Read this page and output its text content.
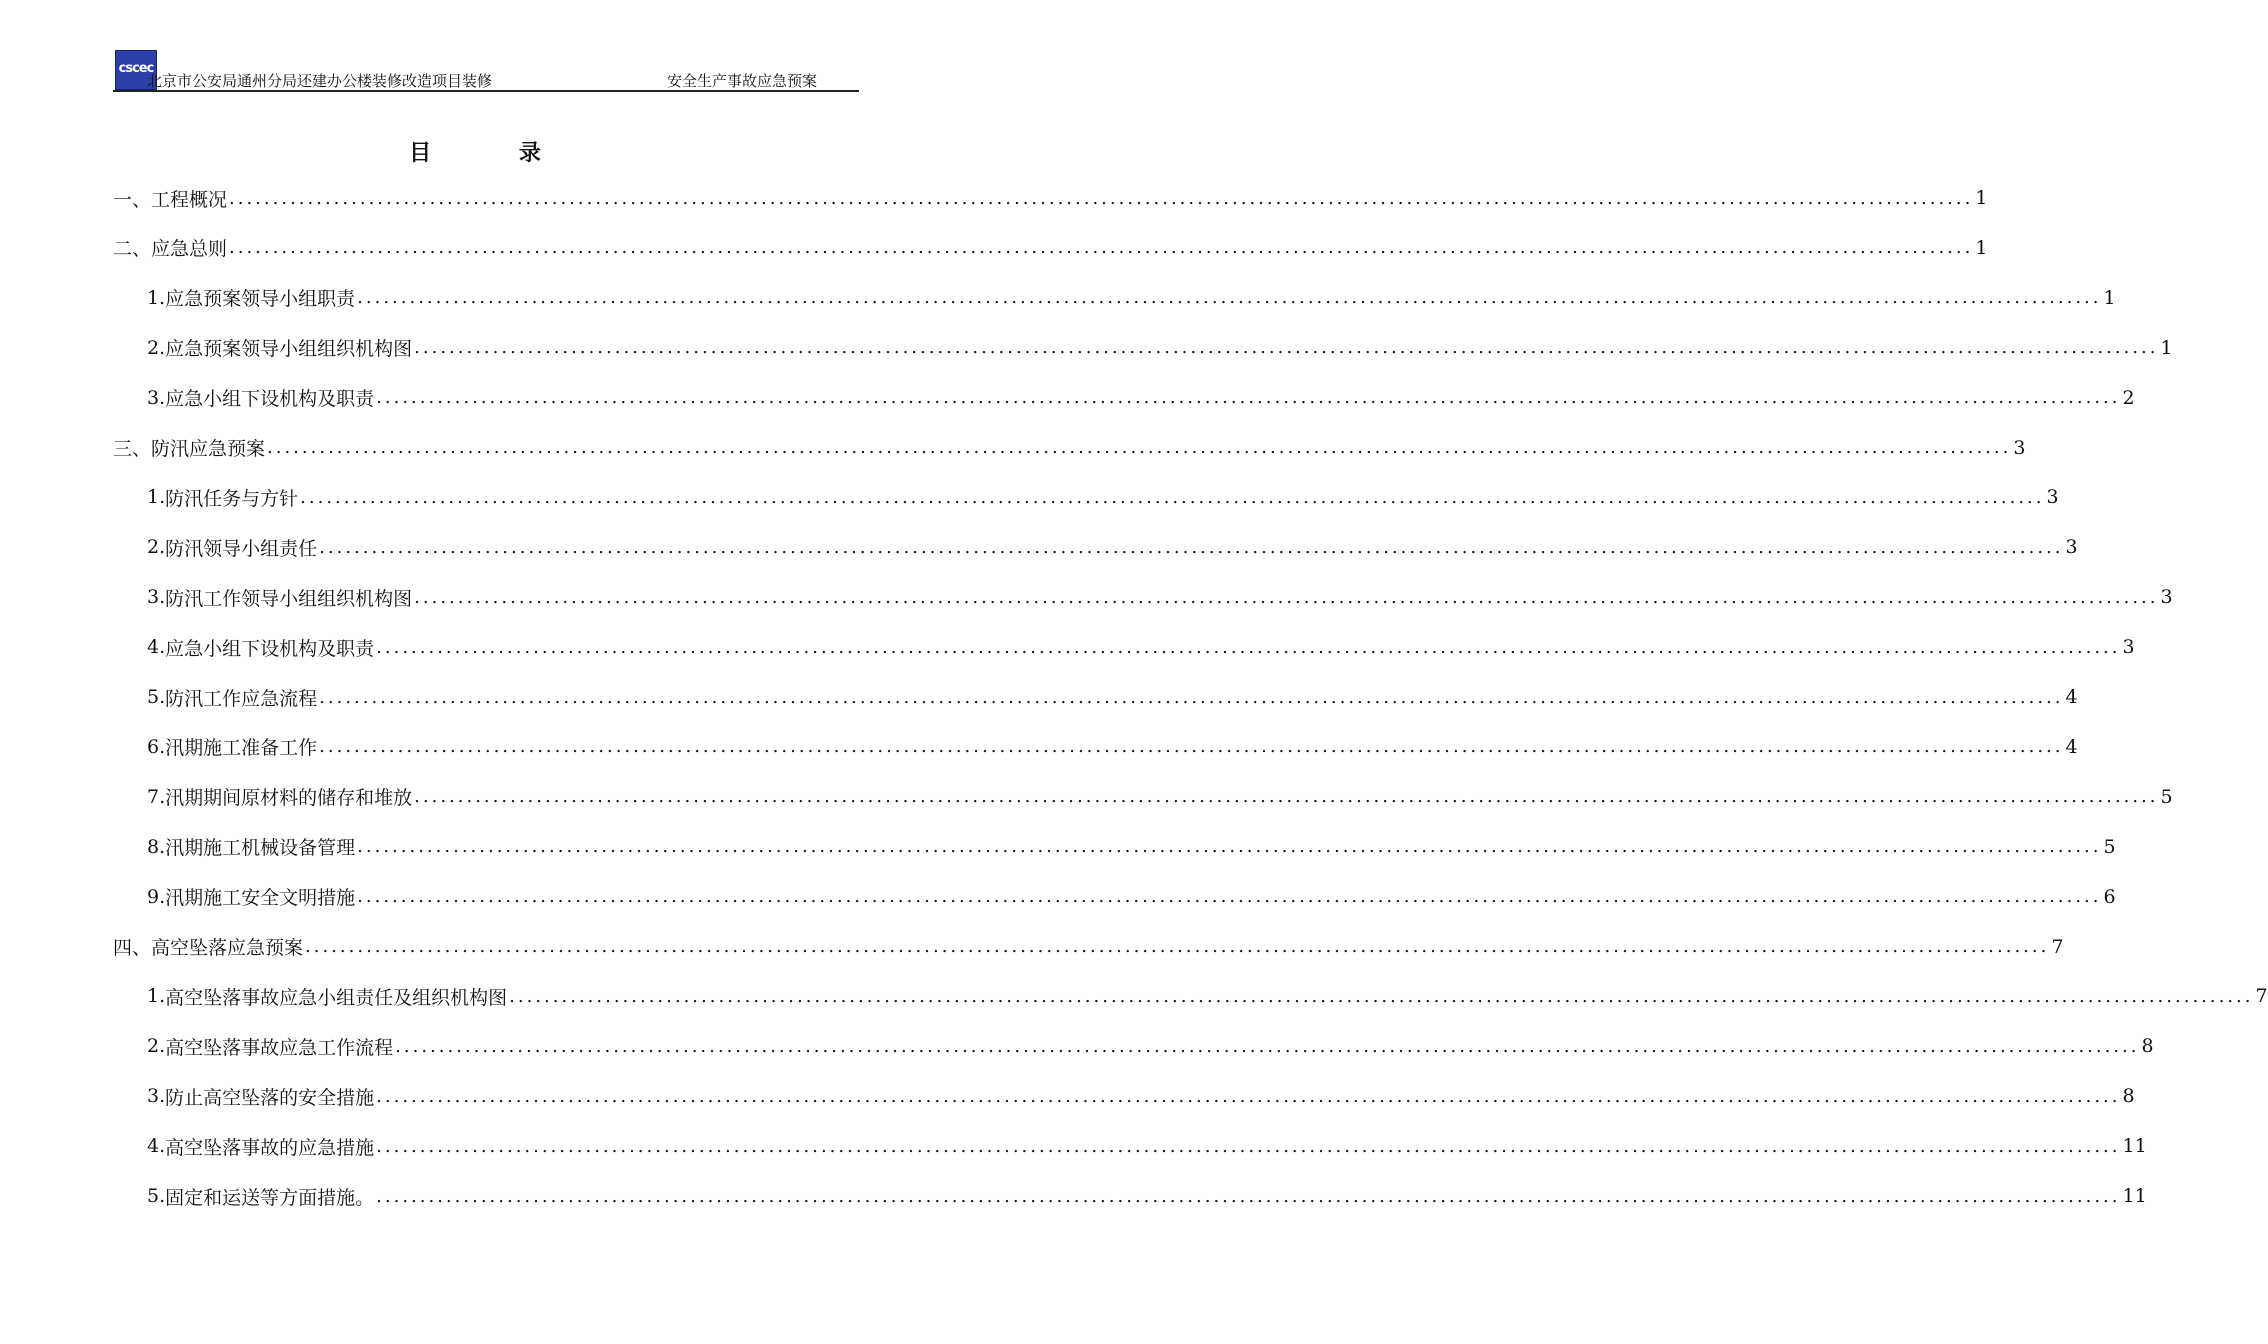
cscec
北京市公安局通州分局还建办公楼装修改造项目装修	安全生产事故应急预案
目 录
一、工程概况 ........................................................................................................................................................................................................ 1
二、应急总则 ........................................................................................................................................................................................................ 1
1. 应急预案领导小组职责 ........................................................................................................................................................................................................ 1
2. 应急预案领导小组组织机构图 ........................................................................................................................................................................................................ 1
3. 应急小组下设机构及职责 ........................................................................................................................................................................................................ 2
三、防汛应急预案 ........................................................................................................................................................................................................ 3
1. 防汛任务与方针 ........................................................................................................................................................................................................ 3
2. 防汛领导小组责任 ........................................................................................................................................................................................................ 3
3. 防汛工作领导小组组织机构图 ........................................................................................................................................................................................................ 3
4. 应急小组下设机构及职责 ........................................................................................................................................................................................................ 3
5. 防汛工作应急流程 ........................................................................................................................................................................................................ 4
6. 汛期施工准备工作 ........................................................................................................................................................................................................ 4
7. 汛期期间原材料的储存和堆放 ........................................................................................................................................................................................................ 5
8. 汛期施工机械设备管理 ........................................................................................................................................................................................................ 5
9. 汛期施工安全文明措施 ........................................................................................................................................................................................................ 6
四、高空坠落应急预案 ........................................................................................................................................................................................................ 7
1. 高空坠落事故应急小组责任及组织机构图 ........................................................................................................................................................................................................ 7
2. 高空坠落事故应急工作流程 ........................................................................................................................................................................................................ 8
3. 防止高空坠落的安全措施 ........................................................................................................................................................................................................ 8
4. 高空坠落事故的应急措施 ........................................................................................................................................................................................................ 11
5. 固定和运送等方面措施。 ........................................................................................................................................................................................................ 11
